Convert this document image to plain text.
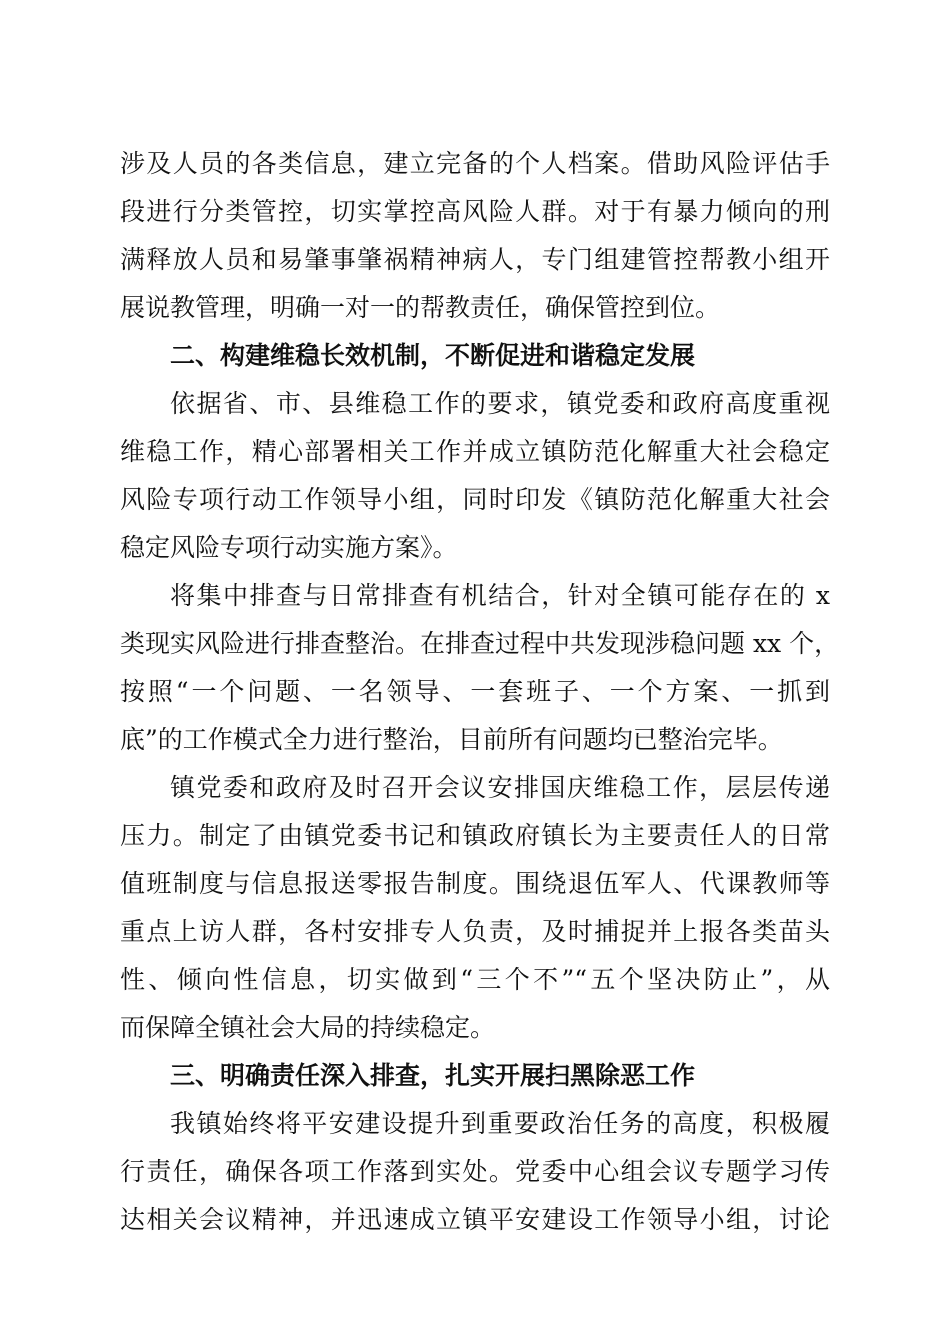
涉及人员的各类信息，建立完备的个人档案。借助风险评估手
段进行分类管控，切实掌控高风险人群。对于有暴力倾向的刑
满释放人员和易肇事肇祸精神病人，专门组建管控帮教小组开
展说教管理，明确一对一的帮教责任，确保管控到位。
二、构建维稳长效机制，不断促进和谐稳定发展
依据省、市、县维稳工作的要求，镇党委和政府高度重视
维稳工作，精心部署相关工作并成立镇防范化解重大社会稳定
风险专项行动工作领导小组，同时印发《镇防范化解重大社会
稳定风险专项行动实施方案》。
将集中排查与日常排查有机结合，针对全镇可能存在的 x
类现实风险进行排查整治。在排查过程中共发现涉稳问题 xx 个，
按照“一个问题、一名领导、一套班子、一个方案、一抓到
底”的工作模式全力进行整治，目前所有问题均已整治完毕。
镇党委和政府及时召开会议安排国庆维稳工作，层层传递
压力。制定了由镇党委书记和镇政府镇长为主要责任人的日常
值班制度与信息报送零报告制度。围绕退伍军人、代课教师等
重点上访人群，各村安排专人负责，及时捕捉并上报各类苗头
性、倾向性信息，切实做到“三个不”“五个坚决防止”，从
而保障全镇社会大局的持续稳定。
三、明确责任深入排查，扎实开展扫黑除恶工作
我镇始终将平安建设提升到重要政治任务的高度，积极履
行责任，确保各项工作落到实处。党委中心组会议专题学习传
达相关会议精神，并迅速成立镇平安建设工作领导小组，讨论
